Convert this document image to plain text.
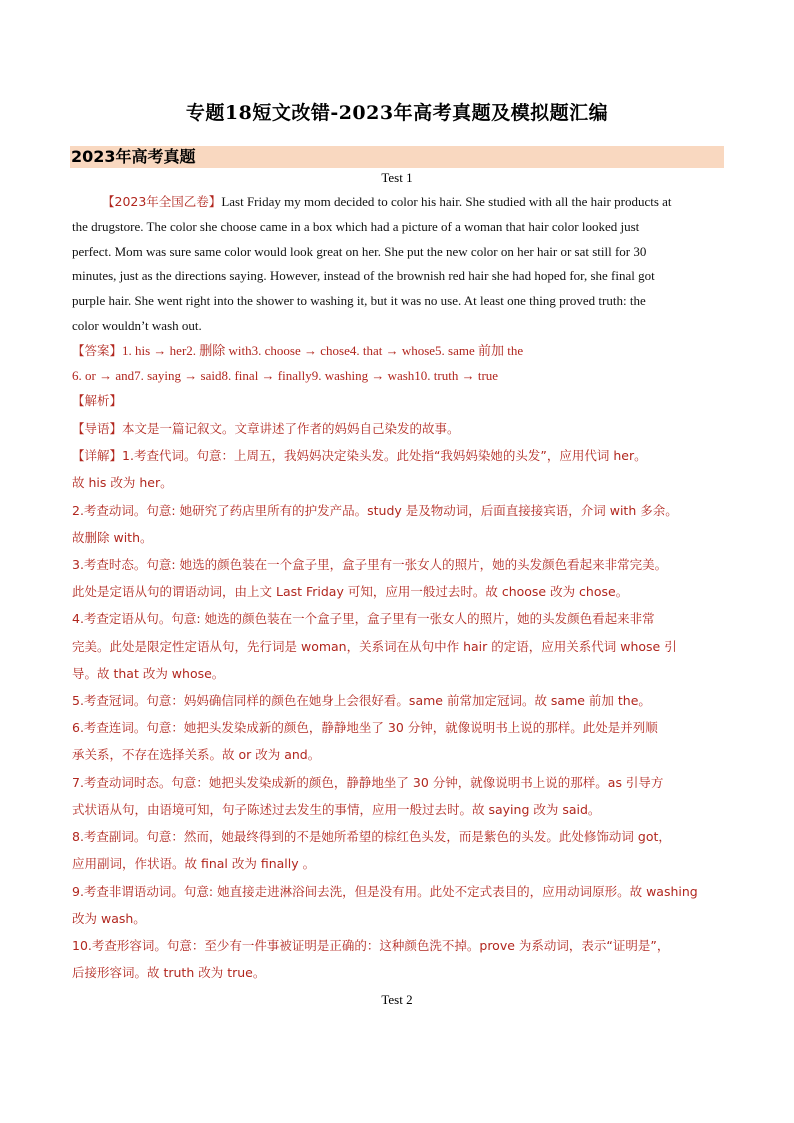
专题18短文改错-2023年高考真题及模拟题汇编
2023年高考真题
Test 1
【2023年全国乙卷】Last Friday my mom decided to color his hair. She studied with all the hair products at
the drugstore. The color she choose came in a box which had a picture of a woman that hair color looked just
perfect. Mom was sure same color would look great on her. She put the new color on her hair or sat still for 30
minutes, just as the directions saying. However, instead of the brownish red hair she had hoped for, she final got
purple hair. She went right into the shower to washing it, but it was no use. At least one thing proved truth: the
color wouldn’t wash out.
【答案】1. his → her2. 删除 with3. choose → chose4. that → whose5. same 前加 the
6. or → and7. saying → said8. final → finally9. washing → wash10. truth → true
【解析】
【导语】本文是一篇记叙文。文章讲述了作者的妈妈自己染发的故事。
【详解】1.考查代词。句意：上周五，我妈妈决定染头发。此处指“我妈妈染她的头发”，应用代词 her。
故 his 改为 her。
2.考查动词。句意: 她研究了药店里所有的护发产品。study 是及物动词，后面直接接宾语，介词 with 多余。
故删除 with。
3.考查时态。句意: 她选的颜色装在一个盒子里，盒子里有一张女人的照片，她的头发颜色看起来非常完美。
此处是定语从句的谓语动词，由上文 Last Friday 可知，应用一般过去时。故 choose 改为 chose。
4.考查定语从句。句意: 她选的颜色装在一个盒子里，盒子里有一张女人的照片，她的头发颜色看起来非常
完美。此处是限定性定语从句，先行词是 woman，关系词在从句中作 hair 的定语，应用关系代词 whose 引
导。故 that 改为 whose。
5.考查冠词。句意：妈妈确信同样的颜色在她身上会很好看。same 前常加定冠词。故 same 前加 the。
6.考查连词。句意：她把头发染成新的颜色，静静地坐了 30 分钟，就像说明书上说的那样。此处是并列顺
承关系，不存在选择关系。故 or 改为 and。
7.考查动词时态。句意：她把头发染成新的颜色，静静地坐了 30 分钟，就像说明书上说的那样。as 引导方
式状语从句，由语境可知，句子陈述过去发生的事情，应用一般过去时。故 saying 改为 said。
8.考查副词。句意：然而，她最终得到的不是她所希望的棕红色头发，而是紫色的头发。此处修饰动词 got，
应用副词，作状语。故 final 改为 finally 。
9.考查非谓语动词。句意: 她直接走进淋浴间去洗，但是没有用。此处不定式表目的，应用动词原形。故 washing
改为 wash。
10.考查形容词。句意：至少有一件事被证明是正确的：这种颜色洗不掉。prove 为系动词，表示“证明是”，
后接形容词。故 truth 改为 true。
Test 2
